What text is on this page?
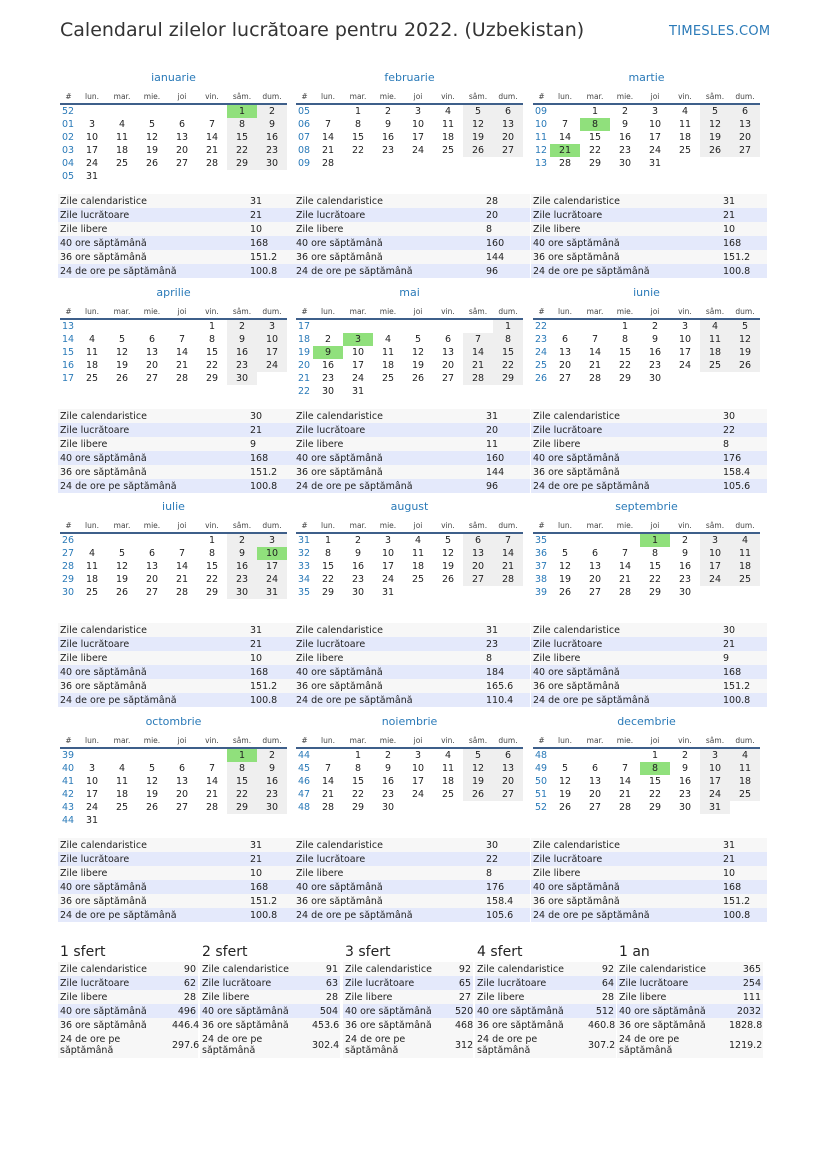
Calendarul zilelor lucrătoare pentru 2022. (Uzbekistan)	TIMESLES.COM
ianuarie
#	lun.	mar.	mie.	joi	vin.	sâm.	dum.
52						1	2
01	3	4	5	6	7	8	9
02	10	11	12	13	14	15	16
03	17	18	19	20	21	22	23
04	24	25	26	27	28	29	30
05	31						
Zile calendaristice	31
Zile lucrătoare	21
Zile libere	10
40 ore săptămână	168
36 ore săptămână	151.2
24 de ore pe săptămână	100.8
februarie
#	lun.	mar.	mie.	joi	vin.	sâm.	dum.
05		1	2	3	4	5	6
06	7	8	9	10	11	12	13
07	14	15	16	17	18	19	20
08	21	22	23	24	25	26	27
09	28						
Zile calendaristice	28
Zile lucrătoare	20
Zile libere	8
40 ore săptămână	160
36 ore săptămână	144
24 de ore pe săptămână	96
martie
#	lun.	mar.	mie.	joi	vin.	sâm.	dum.
09		1	2	3	4	5	6
10	7	8	9	10	11	12	13
11	14	15	16	17	18	19	20
12	21	22	23	24	25	26	27
13	28	29	30	31			
Zile calendaristice	31
Zile lucrătoare	21
Zile libere	10
40 ore săptămână	168
36 ore săptămână	151.2
24 de ore pe săptămână	100.8
aprilie
#	lun.	mar.	mie.	joi	vin.	sâm.	dum.
13					1	2	3
14	4	5	6	7	8	9	10
15	11	12	13	14	15	16	17
16	18	19	20	21	22	23	24
17	25	26	27	28	29	30	
Zile calendaristice	30
Zile lucrătoare	21
Zile libere	9
40 ore săptămână	168
36 ore săptămână	151.2
24 de ore pe săptămână	100.8
mai
#	lun.	mar.	mie.	joi	vin.	sâm.	dum.
17							1
18	2	3	4	5	6	7	8
19	9	10	11	12	13	14	15
20	16	17	18	19	20	21	22
21	23	24	25	26	27	28	29
22	30	31					
Zile calendaristice	31
Zile lucrătoare	20
Zile libere	11
40 ore săptămână	160
36 ore săptămână	144
24 de ore pe săptămână	96
iunie
#	lun.	mar.	mie.	joi	vin.	sâm.	dum.
22			1	2	3	4	5
23	6	7	8	9	10	11	12
24	13	14	15	16	17	18	19
25	20	21	22	23	24	25	26
26	27	28	29	30			
Zile calendaristice	30
Zile lucrătoare	22
Zile libere	8
40 ore săptămână	176
36 ore săptămână	158.4
24 de ore pe săptămână	105.6
iulie
#	lun.	mar.	mie.	joi	vin.	sâm.	dum.
26					1	2	3
27	4	5	6	7	8	9	10
28	11	12	13	14	15	16	17
29	18	19	20	21	22	23	24
30	25	26	27	28	29	30	31
Zile calendaristice	31
Zile lucrătoare	21
Zile libere	10
40 ore săptămână	168
36 ore săptămână	151.2
24 de ore pe săptămână	100.8
august
#	lun.	mar.	mie.	joi	vin.	sâm.	dum.
31	1	2	3	4	5	6	7
32	8	9	10	11	12	13	14
33	15	16	17	18	19	20	21
34	22	23	24	25	26	27	28
35	29	30	31				
Zile calendaristice	31
Zile lucrătoare	23
Zile libere	8
40 ore săptămână	184
36 ore săptămână	165.6
24 de ore pe săptămână	110.4
septembrie
#	lun.	mar.	mie.	joi	vin.	sâm.	dum.
35				1	2	3	4
36	5	6	7	8	9	10	11
37	12	13	14	15	16	17	18
38	19	20	21	22	23	24	25
39	26	27	28	29	30		
Zile calendaristice	30
Zile lucrătoare	21
Zile libere	9
40 ore săptămână	168
36 ore săptămână	151.2
24 de ore pe săptămână	100.8
octombrie
#	lun.	mar.	mie.	joi	vin.	sâm.	dum.
39						1	2
40	3	4	5	6	7	8	9
41	10	11	12	13	14	15	16
42	17	18	19	20	21	22	23
43	24	25	26	27	28	29	30
44	31						
Zile calendaristice	31
Zile lucrătoare	21
Zile libere	10
40 ore săptămână	168
36 ore săptămână	151.2
24 de ore pe săptămână	100.8
noiembrie
#	lun.	mar.	mie.	joi	vin.	sâm.	dum.
44		1	2	3	4	5	6
45	7	8	9	10	11	12	13
46	14	15	16	17	18	19	20
47	21	22	23	24	25	26	27
48	28	29	30				
Zile calendaristice	30
Zile lucrătoare	22
Zile libere	8
40 ore săptămână	176
36 ore săptămână	158.4
24 de ore pe săptămână	105.6
decembrie
#	lun.	mar.	mie.	joi	vin.	sâm.	dum.
48				1	2	3	4
49	5	6	7	8	9	10	11
50	12	13	14	15	16	17	18
51	19	20	21	22	23	24	25
52	26	27	28	29	30	31	
Zile calendaristice	31
Zile lucrătoare	21
Zile libere	10
40 ore săptămână	168
36 ore săptămână	151.2
24 de ore pe săptămână	100.8
1 sfert
Zile calendaristice	90
Zile lucrătoare	62
Zile libere	28
40 ore săptămână	496
36 ore săptămână	446.4
24 de ore pe săptămână	297.6
2 sfert
Zile calendaristice	91
Zile lucrătoare	63
Zile libere	28
40 ore săptămână	504
36 ore săptămână	453.6
24 de ore pe săptămână	302.4
3 sfert
Zile calendaristice	92
Zile lucrătoare	65
Zile libere	27
40 ore săptămână	520
36 ore săptămână	468
24 de ore pe săptămână	312
4 sfert
Zile calendaristice	92
Zile lucrătoare	64
Zile libere	28
40 ore săptămână	512
36 ore săptămână	460.8
24 de ore pe săptămână	307.2
1 an
Zile calendaristice	365
Zile lucrătoare	254
Zile libere	111
40 ore săptămână	2032
36 ore săptămână	1828.8
24 de ore pe săptămână	1219.2
